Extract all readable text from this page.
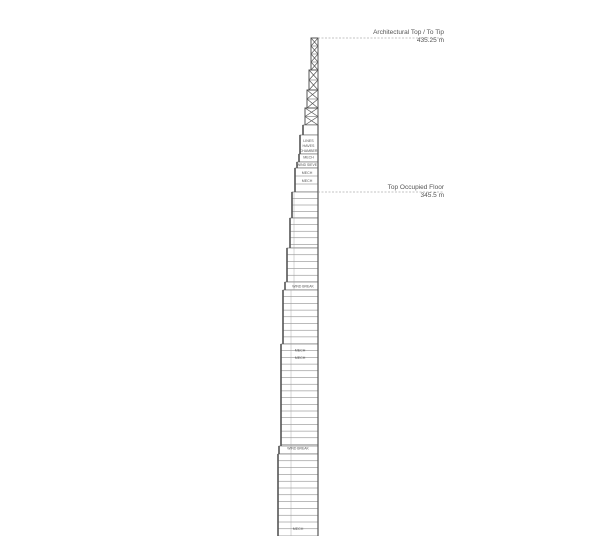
LINES
HAVES
CHAMBER
MECH
WIND SIEVE
MECH
MECH
WIND BREAK
MECH
MECH
WIND BREAK
MECH
Architectural Top / To Tip
435.25 m
Top Occupied Floor
345.5 m
